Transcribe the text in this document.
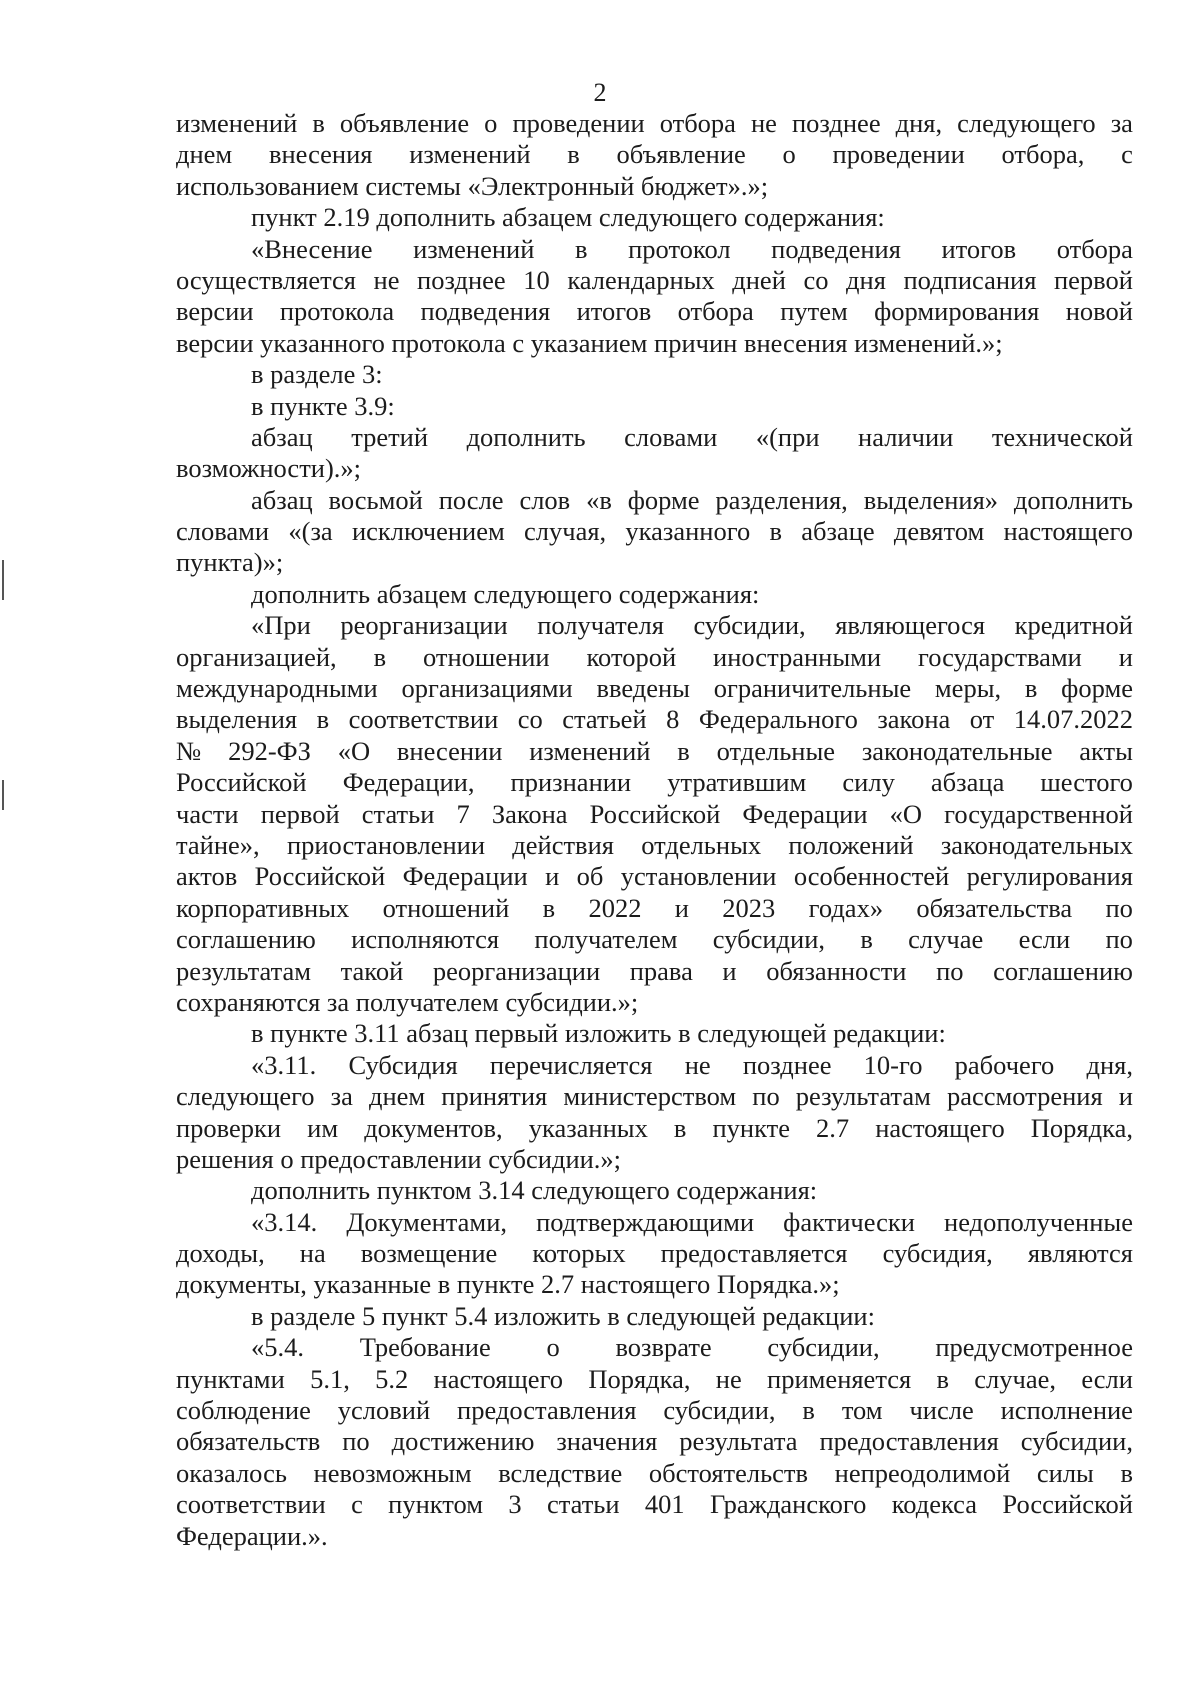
2
изменений в объявление о проведении отбора не позднее дня, следующего за
днем внесения изменений в объявление о проведении отбора, с
использованием системы «Электронный бюджет».»;
пункт 2.19 дополнить абзацем следующего содержания:
«Внесение изменений в протокол подведения итогов отбора
осуществляется не позднее 10 календарных дней со дня подписания первой
версии протокола подведения итогов отбора путем формирования новой
версии указанного протокола с указанием причин внесения изменений.»;
в разделе 3:
в пункте 3.9:
абзац третий дополнить словами «(при наличии технической
возможности).»;
абзац восьмой после слов «в форме разделения, выделения» дополнить
словами «(за исключением случая, указанного в абзаце девятом настоящего
пункта)»;
дополнить абзацем следующего содержания:
«При реорганизации получателя субсидии, являющегося кредитной
организацией, в отношении которой иностранными государствами и
международными организациями введены ограничительные меры, в форме
выделения в соответствии со статьей 8 Федерального закона от 14.07.2022
№ 292-ФЗ «О внесении изменений в отдельные законодательные акты
Российской Федерации, признании утратившим силу абзаца шестого
части первой статьи 7 Закона Российской Федерации «О государственной
тайне», приостановлении действия отдельных положений законодательных
актов Российской Федерации и об установлении особенностей регулирования
корпоративных отношений в 2022 и 2023 годах» обязательства по
соглашению исполняются получателем субсидии, в случае если по
результатам такой реорганизации права и обязанности по соглашению
сохраняются за получателем субсидии.»;
в пункте 3.11 абзац первый изложить в следующей редакции:
«3.11. Субсидия перечисляется не позднее 10-го рабочего дня,
следующего за днем принятия министерством по результатам рассмотрения и
проверки им документов, указанных в пункте 2.7 настоящего Порядка,
решения о предоставлении субсидии.»;
дополнить пунктом 3.14 следующего содержания:
«3.14. Документами, подтверждающими фактически недополученные
доходы, на возмещение которых предоставляется субсидия, являются
документы, указанные в пункте 2.7 настоящего Порядка.»;
в разделе 5 пункт 5.4 изложить в следующей редакции:
«5.4. Требование о возврате субсидии, предусмотренное
пунктами 5.1, 5.2 настоящего Порядка, не применяется в случае, если
соблюдение условий предоставления субсидии, в том числе исполнение
обязательств по достижению значения результата предоставления субсидии,
оказалось невозможным вследствие обстоятельств непреодолимой силы в
соответствии с пунктом 3 статьи 401 Гражданского кодекса Российской
Федерации.».
